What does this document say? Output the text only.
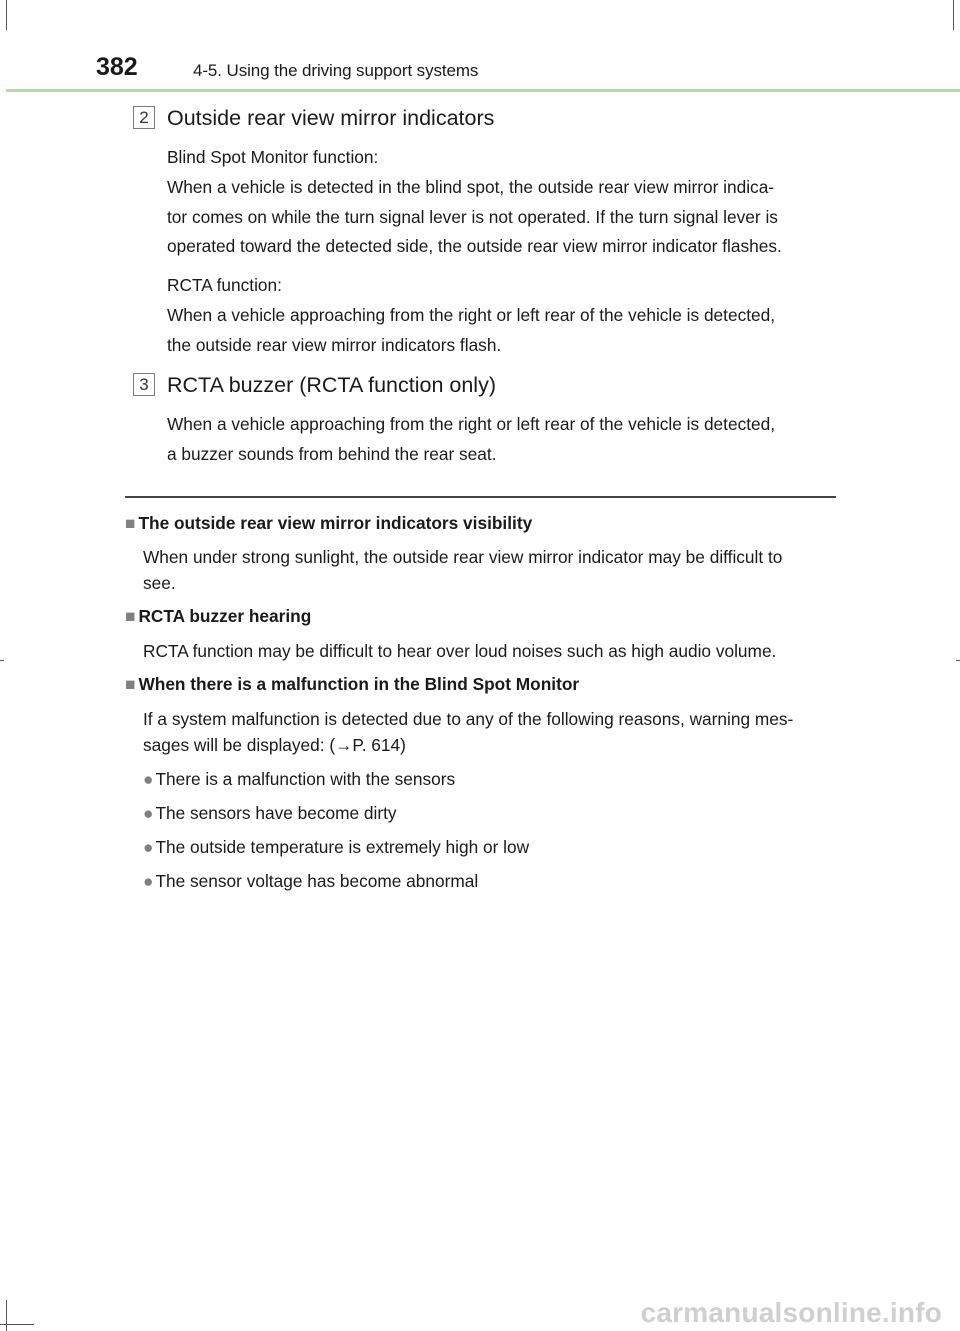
382	4-5. Using the driving support systems
2 Outside rear view mirror indicators
Blind Spot Monitor function:
When a vehicle is detected in the blind spot, the outside rear view mirror indica-
tor comes on while the turn signal lever is not operated. If the turn signal lever is
operated toward the detected side, the outside rear view mirror indicator flashes.
RCTA function:
When a vehicle approaching from the right or left rear of the vehicle is detected,
the outside rear view mirror indicators flash.
3 RCTA buzzer (RCTA function only)
When a vehicle approaching from the right or left rear of the vehicle is detected,
a buzzer sounds from behind the rear seat.
■ The outside rear view mirror indicators visibility
When under strong sunlight, the outside rear view mirror indicator may be difficult to
see.
■ RCTA buzzer hearing
RCTA function may be difficult to hear over loud noises such as high audio volume.
■ When there is a malfunction in the Blind Spot Monitor
If a system malfunction is detected due to any of the following reasons, warning mes-
sages will be displayed: (→P. 614)
● There is a malfunction with the sensors
● The sensors have become dirty
● The outside temperature is extremely high or low
● The sensor voltage has become abnormal
carmanualsonline.info
